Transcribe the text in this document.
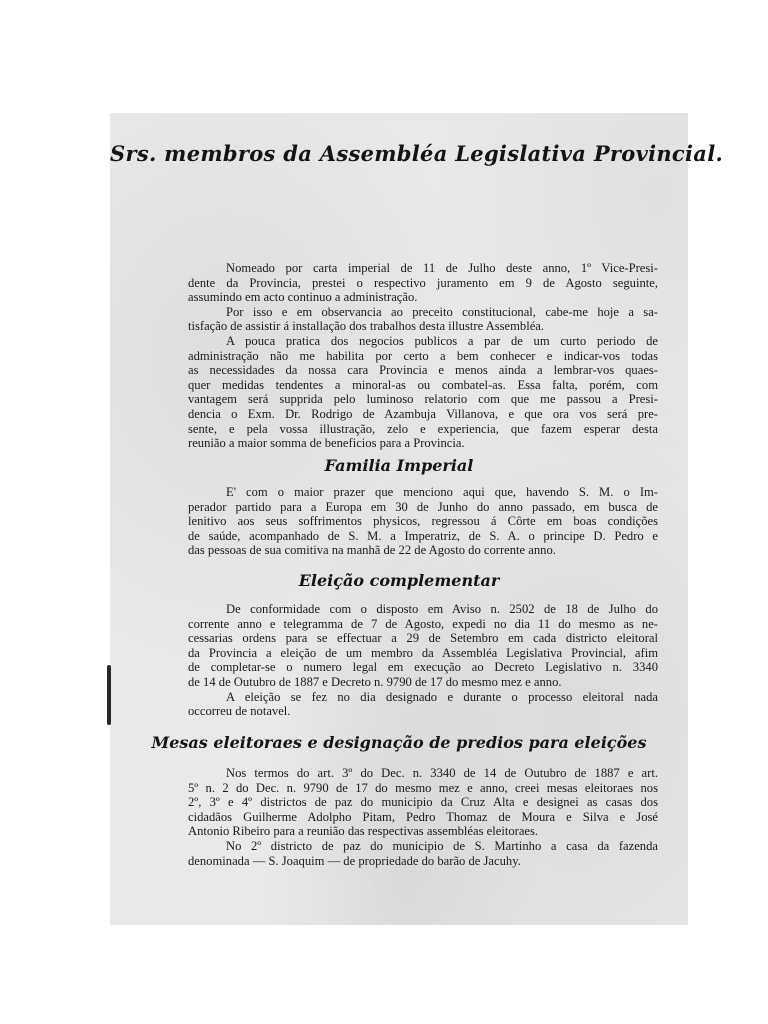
Srs. membros da Assembléa Legislativa Provincial.
Nomeado por carta imperial de 11 de Julho deste anno, 1º Vice-Presi-
dente da Provincia, prestei o respectivo juramento em 9 de Agosto seguinte,
assumindo em acto continuo a administração.
Por isso e em observancia ao preceito constitucional, cabe-me hoje a sa-
tisfação de assistir á installação dos trabalhos desta illustre Assembléa.
A pouca pratica dos negocios publicos a par de um curto periodo de
administração não me habilita por certo a bem conhecer e indicar-vos todas
as necessidades da nossa cara Provincia e menos ainda a lembrar-vos quaes-
quer medidas tendentes a minoral-as ou combatel-as. Essa falta, porém, com
vantagem será supprida pelo luminoso relatorio com que me passou a Presi-
dencia o Exm. Dr. Rodrigo de Azambuja Villanova, e que ora vos será pre-
sente, e pela vossa illustração, zelo e experiencia, que fazem esperar desta
reunião a maior somma de beneficios para a Provincia.
Familia Imperial
E' com o maior prazer que menciono aqui que, havendo S. M. o Im-
perador partido para a Europa em 30 de Junho do anno passado, em busca de
lenitivo aos seus soffrimentos physicos, regressou á Côrte em boas condições
de saúde, acompanhado de S. M. a Imperatriz, de S. A. o principe D. Pedro e
das pessoas de sua comitiva na manhã de 22 de Agosto do corrente anno.
Eleição complementar
De conformidade com o disposto em Aviso n. 2502 de 18 de Julho do
corrente anno e telegramma de 7 de Agosto, expedi no dia 11 do mesmo as ne-
cessarias ordens para se effectuar a 29 de Setembro em cada districto eleitoral
da Provincia a eleição de um membro da Assembléa Legislativa Provincial, afim
de completar-se o numero legal em execução ao Decreto Legislativo n. 3340
de 14 de Outubro de 1887 e Decreto n. 9790 de 17 do mesmo mez e anno.
A eleição se fez no dia designado e durante o processo eleitoral nada
occorreu de notavel.
Mesas eleitoraes e designação de predios para eleições
Nos termos do art. 3º do Dec. n. 3340 de 14 de Outubro de 1887 e art.
5º n. 2 do Dec. n. 9790 de 17 do mesmo mez e anno, creei mesas eleitoraes nos
2º, 3º e 4º districtos de paz do municipio da Cruz Alta e designei as casas dos
cidadãos Guilherme Adolpho Pitam, Pedro Thomaz de Moura e Silva e José
Antonio Ribeiro para a reunião das respectivas assembléas eleitoraes.
No 2º districto de paz do municipio de S. Martinho a casa da fazenda
denominada — S. Joaquim — de propriedade do barão de Jacuhy.
